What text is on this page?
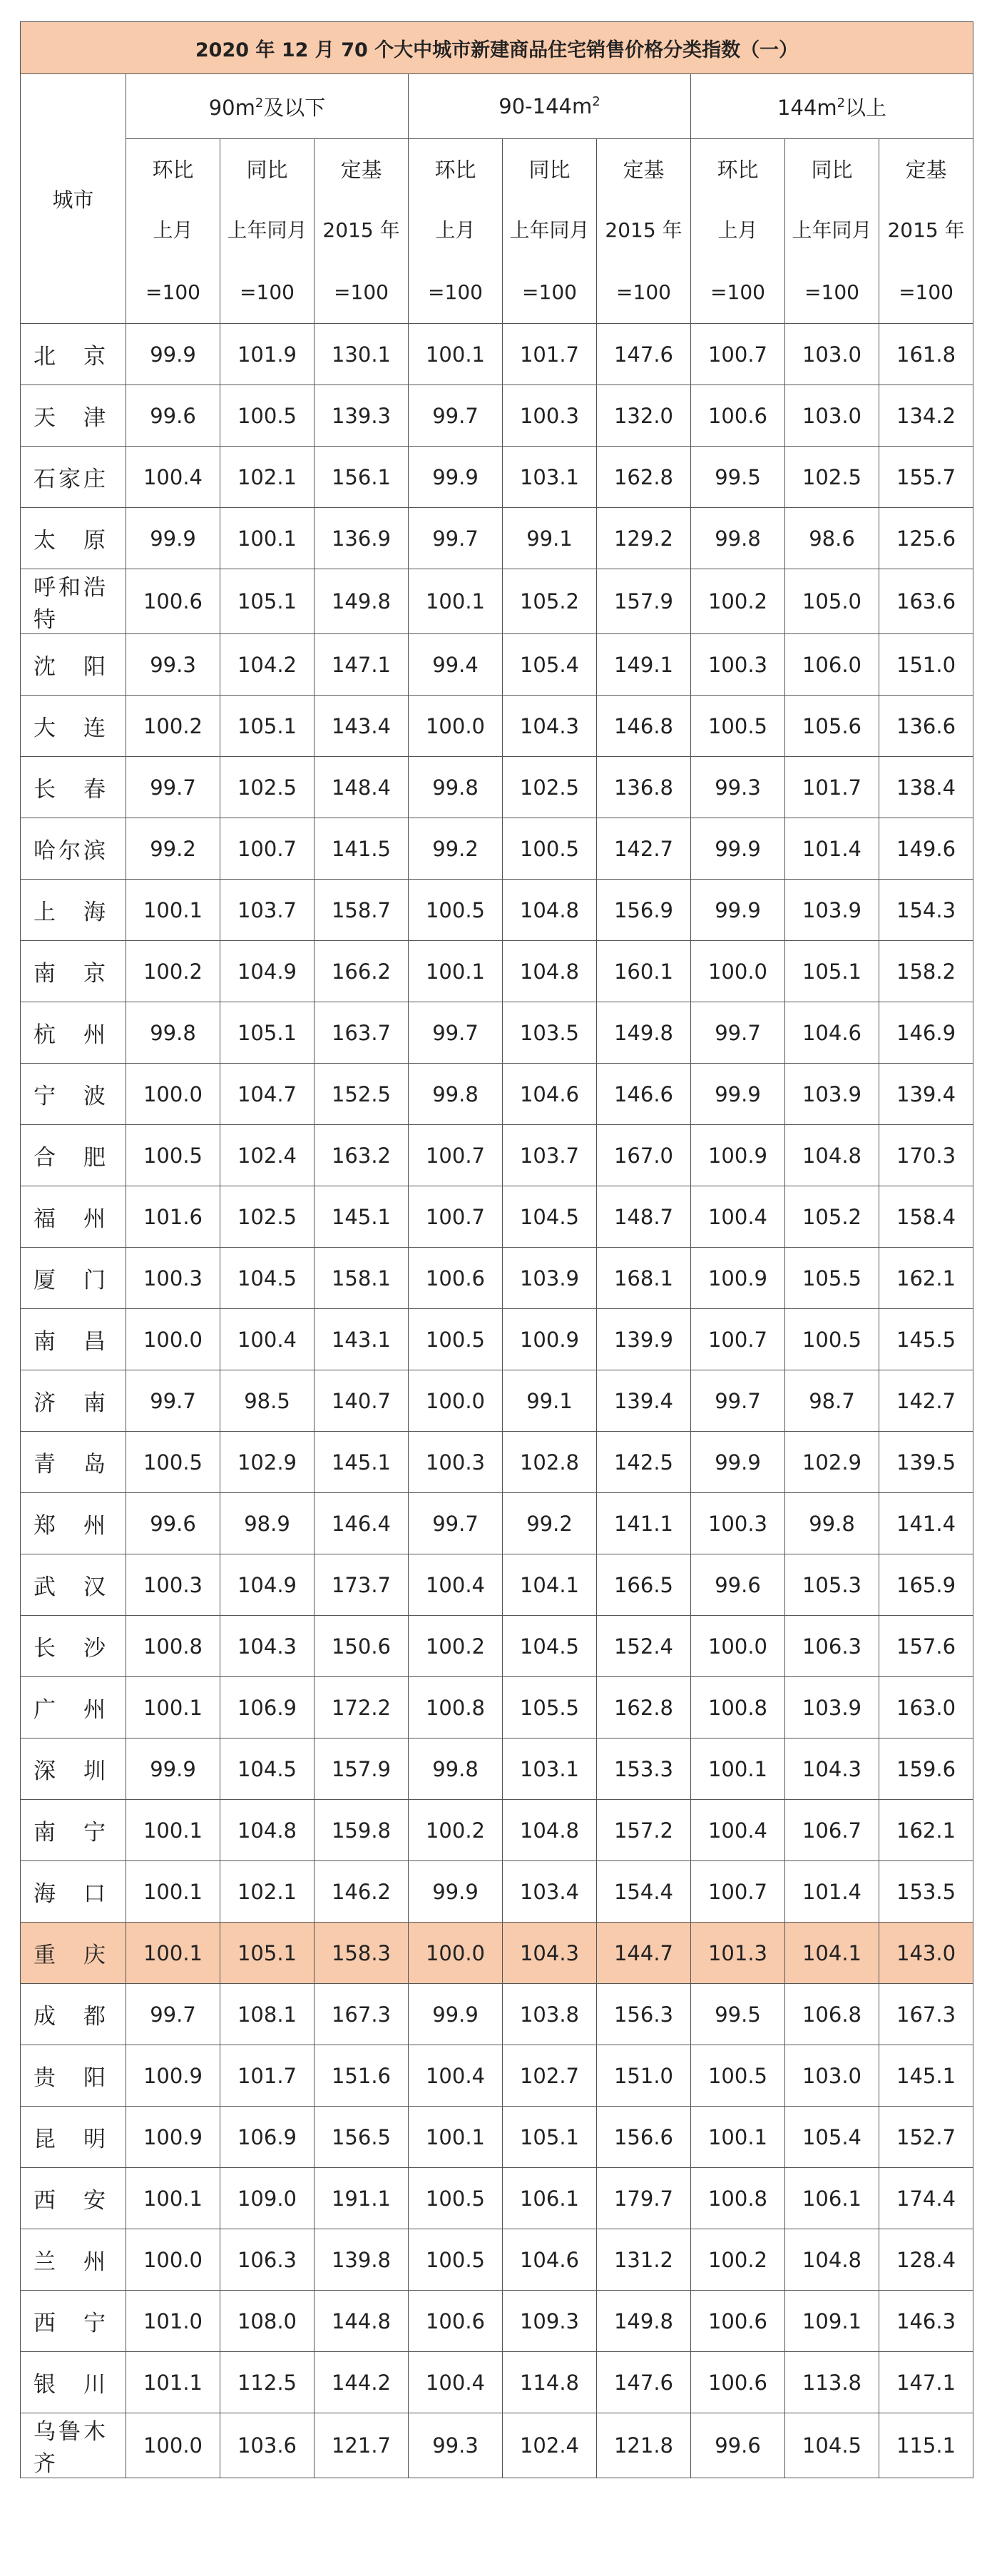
2020 年 12 月 70 个大中城市新建商品住宅销售价格分类指数（一）									
城市	$90m^2$及以下			$90-144m^2$			$144m^2$以上		
	环比	同比	定基	环比	同比	定基	环比	同比	定基
	上月	上年同月	2015 年	上月	上年同月	2015 年	上月	上年同月	2015 年
	=100	=100	=100	=100	=100	=100	=100	=100	=100
北京	99.9	101.9	130.1	100.1	101.7	147.6	100.7	103.0	161.8
天津	99.6	100.5	139.3	99.7	100.3	132.0	100.6	103.0	134.2
石家庄	100.4	102.1	156.1	99.9	103.1	162.8	99.5	102.5	155.7
太原	99.9	100.1	136.9	99.7	99.1	129.2	99.8	98.6	125.6
呼和浩特	100.6	105.1	149.8	100.1	105.2	157.9	100.2	105.0	163.6
沈阳	99.3	104.2	147.1	99.4	105.4	149.1	100.3	106.0	151.0
大连	100.2	105.1	143.4	100.0	104.3	146.8	100.5	105.6	136.6
长春	99.7	102.5	148.4	99.8	102.5	136.8	99.3	101.7	138.4
哈尔滨	99.2	100.7	141.5	99.2	100.5	142.7	99.9	101.4	149.6
上海	100.1	103.7	158.7	100.5	104.8	156.9	99.9	103.9	154.3
南京	100.2	104.9	166.2	100.1	104.8	160.1	100.0	105.1	158.2
杭州	99.8	105.1	163.7	99.7	103.5	149.8	99.7	104.6	146.9
宁波	100.0	104.7	152.5	99.8	104.6	146.6	99.9	103.9	139.4
合肥	100.5	102.4	163.2	100.7	103.7	167.0	100.9	104.8	170.3
福州	101.6	102.5	145.1	100.7	104.5	148.7	100.4	105.2	158.4
厦门	100.3	104.5	158.1	100.6	103.9	168.1	100.9	105.5	162.1
南昌	100.0	100.4	143.1	100.5	100.9	139.9	100.7	100.5	145.5
济南	99.7	98.5	140.7	100.0	99.1	139.4	99.7	98.7	142.7
青岛	100.5	102.9	145.1	100.3	102.8	142.5	99.9	102.9	139.5
郑州	99.6	98.9	146.4	99.7	99.2	141.1	100.3	99.8	141.4
武汉	100.3	104.9	173.7	100.4	104.1	166.5	99.6	105.3	165.9
长沙	100.8	104.3	150.6	100.2	104.5	152.4	100.0	106.3	157.6
广州	100.1	106.9	172.2	100.8	105.5	162.8	100.8	103.9	163.0
深圳	99.9	104.5	157.9	99.8	103.1	153.3	100.1	104.3	159.6
南宁	100.1	104.8	159.8	100.2	104.8	157.2	100.4	106.7	162.1
海口	100.1	102.1	146.2	99.9	103.4	154.4	100.7	101.4	153.5
重庆	100.1	105.1	158.3	100.0	104.3	144.7	101.3	104.1	143.0
成都	99.7	108.1	167.3	99.9	103.8	156.3	99.5	106.8	167.3
贵阳	100.9	101.7	151.6	100.4	102.7	151.0	100.5	103.0	145.1
昆明	100.9	106.9	156.5	100.1	105.1	156.6	100.1	105.4	152.7
西安	100.1	109.0	191.1	100.5	106.1	179.7	100.8	106.1	174.4
兰州	100.0	106.3	139.8	100.5	104.6	131.2	100.2	104.8	128.4
西宁	101.0	108.0	144.8	100.6	109.3	149.8	100.6	109.1	146.3
银川	101.1	112.5	144.2	100.4	114.8	147.6	100.6	113.8	147.1
乌鲁木齐	100.0	103.6	121.7	99.3	102.4	121.8	99.6	104.5	115.1
